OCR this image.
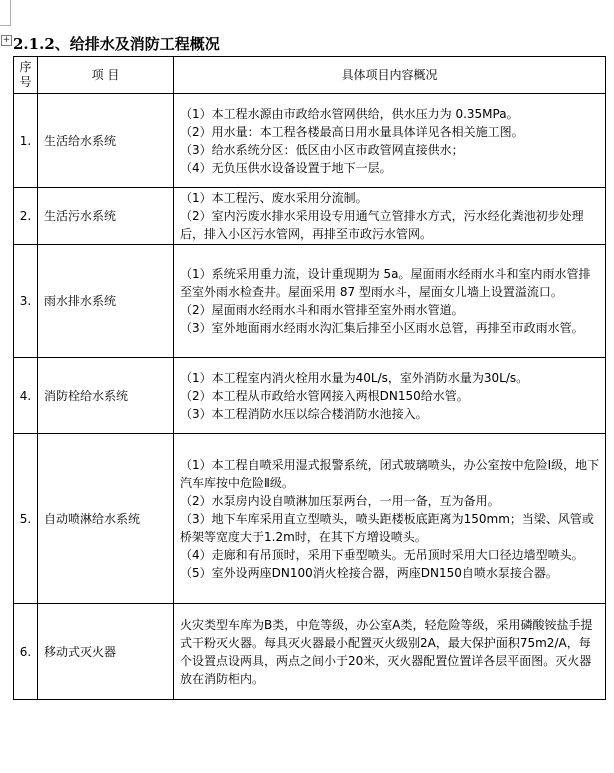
+ 2.1.2、给排水及消防工程概况
序号	项 目	具体项目内容概况
1.	生活给水系统	（1）本工程水源由市政给水管网供给，供水压力为 0.35MPa。

（2）用水量：本工程各楼最高日用水量具体详见各相关施工图。

（3）给水系统分区：低区由小区市政管网直接供水；

（4）无负压供水设备设置于地下一层。

2.	生活污水系统	（1）本工程污、废水采用分流制。

（2）室内污废水排水采用设专用通气立管排水方式，污水经化粪池初步处理后，排入小区污水管网，再排至市政污水管网。

3.	雨水排水系统	（1）系统采用重力流，设计重现期为 5a。屋面雨水经雨水斗和室内雨水管排至室外雨水检查井。屋面采用 87 型雨水斗，屋面女儿墙上设置溢流口。

（2）屋面雨水经雨水斗和雨水管排至室外雨水管道。

（3）室外地面雨水经雨水沟汇集后排至小区雨水总管，再排至市政雨水管。

4.	消防栓给水系统	（1）本工程室内消火栓用水量为40L/s，室外消防水量为30L/s。

（2）本工程从市政给水管网接入两根DN150给水管。

（3）本工程消防水压以综合楼消防水池接入。

5.	自动喷淋给水系统	（1）本工程自喷采用湿式报警系统，闭式玻璃喷头，办公室按中危险Ⅰ级，地下汽车库按中危险Ⅱ级。

（2）水泵房内设自喷淋加压泵两台，一用一备，互为备用。

（3）地下车库采用直立型喷头，喷头距楼板底距离为150mm；当梁、风管或桥架等宽度大于1.2m时，在其下方增设喷头。

（4）走廊和有吊顶时，采用下垂型喷头。无吊顶时采用大口径边墙型喷头。

（5）室外设两座DN100消火栓接合器，两座DN150自喷水泵接合器。

6.	移动式灭火器	火灾类型车库为B类，中危等级，办公室A类，轻危险等级，采用磷酸铵盐手提式干粉灭火器。每具灭火器最小配置灭火级别2A，最大保护面积75m2/A，每个设置点设两具，两点之间小于20米，灭火器配置位置详各层平面图。灭火器放在消防柜内。
